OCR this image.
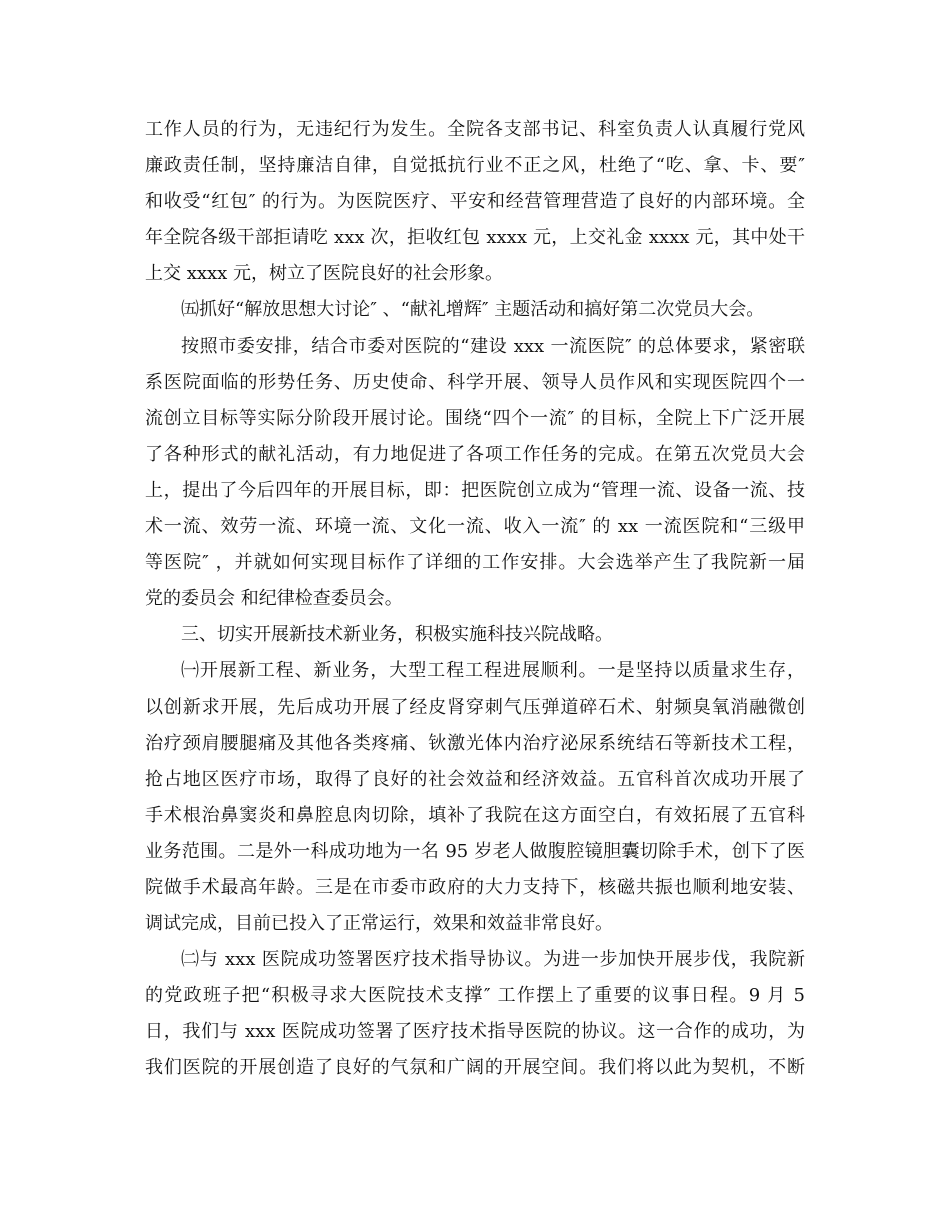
工作人员的行为，无违纪行为发生。全院各支部书记、科室负责人认真履行党风
廉政责任制，坚持廉洁自律，自觉抵抗行业不正之风，杜绝了“吃、拿、卡、要″
和收受“红包″ 的行为。为医院医疗、平安和经营管理营造了良好的内部环境。全
年全院各级干部拒请吃 xxx 次，拒收红包 xxxx 元，上交礼金 xxxx 元，其中处干
上交 xxxx 元，树立了医院良好的社会形象。
㈤抓好“解放思想大讨论″ 、“献礼增辉″ 主题活动和搞好第二次党员大会。
按照市委安排，结合市委对医院的“建设 xxx 一流医院″ 的总体要求，紧密联
系医院面临的形势任务、历史使命、科学开展、领导人员作风和实现医院四个一
流创立目标等实际分阶段开展讨论。围绕“四个一流″ 的目标，全院上下广泛开展
了各种形式的献礼活动，有力地促进了各项工作任务的完成。在第五次党员大会
上，提出了今后四年的开展目标，即：把医院创立成为“管理一流、设备一流、技
术一流、效劳一流、环境一流、文化一流、收入一流″ 的 xx 一流医院和“三级甲
等医院″ ，并就如何实现目标作了详细的工作安排。大会选举产生了我院新一届
党的委员会 和纪律检查委员会。
三、切实开展新技术新业务，积极实施科技兴院战略。
㈠开展新工程、新业务，大型工程工程进展顺利。一是坚持以质量求生存，
以创新求开展，先后成功开展了经皮肾穿刺气压弹道碎石术、射频臭氧消融微创
治疗颈肩腰腿痛及其他各类疼痛、钬激光体内治疗泌尿系统结石等新技术工程，
抢占地区医疗市场，取得了良好的社会效益和经济效益。五官科首次成功开展了
手术根治鼻窦炎和鼻腔息肉切除，填补了我院在这方面空白，有效拓展了五官科
业务范围。二是外一科成功地为一名 95 岁老人做腹腔镜胆囊切除手术，创下了医
院做手术最高年龄。三是在市委市政府的大力支持下，核磁共振也顺利地安装、
调试完成，目前已投入了正常运行，效果和效益非常良好。
㈡与 xxx 医院成功签署医疗技术指导协议。为进一步加快开展步伐，我院新
的党政班子把“积极寻求大医院技术支撑″ 工作摆上了重要的议事日程。9 月 5
日，我们与 xxx 医院成功签署了医疗技术指导医院的协议。这一合作的成功，为
我们医院的开展创造了良好的气氛和广阔的开展空间。我们将以此为契机，不断
